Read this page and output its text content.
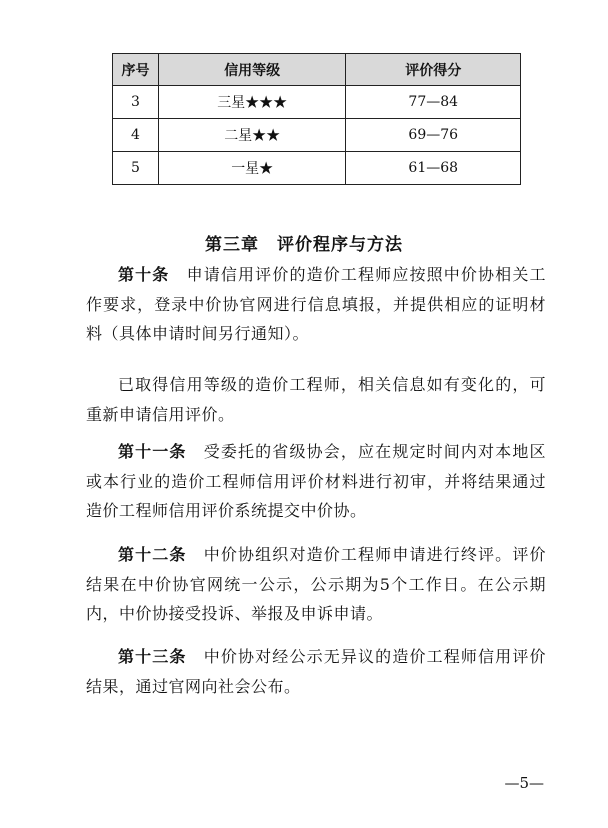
序号	信用等级	评价得分
3	三星★★★	77—84
4	二星★★	69—76
5	一星★	61—68
第三章　评价程序与方法

第十条　 申请信用评价的造价工程师应按照中价协相关工作要求，登录中价协官网进行信息填报，并提供相应的证明材料（具体申请时间另行通知）。

已取得信用等级的造价工程师，相关信息如有变化的，可重新申请信用评价。

第十一条　 受委托的省级协会，应在规定时间内对本地区或本行业的造价工程师信用评价材料进行初审，并将结果通过造价工程师信用评价系统提交中价协。

第十二条　 中价协组织对造价工程师申请进行终评。评价结果在中价协官网统一公示，公示期为5个工作日。在公示期内，中价协接受投诉、举报及申诉申请。

第十三条　 中价协对经公示无异议的造价工程师信用评价结果，通过官网向社会公布。

—5—
